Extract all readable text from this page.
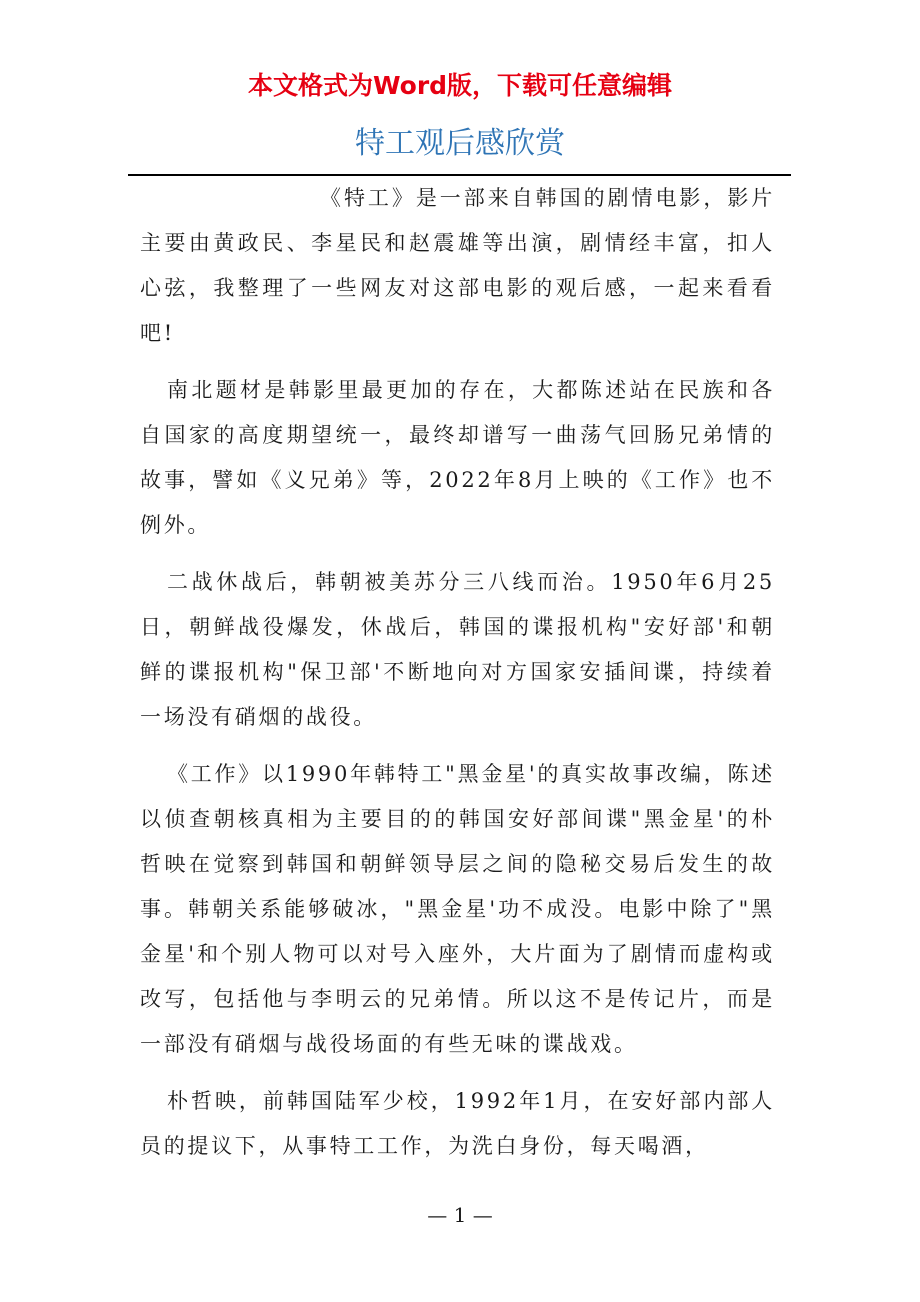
本文格式为Word版，下载可任意编辑
特工观后感欣赏

《特工》是一部来自韩国的剧情电影，影片主要由黄政民、李星民和赵震雄等出演，剧情经丰富，扣人心弦，我整理了一些网友对这部电影的观后感，一起来看看吧!

南北题材是韩影里最更加的存在，大都陈述站在民族和各自国家的高度期望统一，最终却谱写一曲荡气回肠兄弟情的故事，譬如《义兄弟》等，2022年8月上映的《工作》也不例外。

二战休战后，韩朝被美苏分三八线而治。1950年6月25日，朝鲜战役爆发，休战后，韩国的谍报机构"安好部'和朝鲜的谍报机构"保卫部'不断地向对方国家安插间谍，持续着一场没有硝烟的战役。

《工作》以1990年韩特工"黑金星'的真实故事改编，陈述以侦查朝核真相为主要目的的韩国安好部间谍"黑金星'的朴哲映在觉察到韩国和朝鲜领导层之间的隐秘交易后发生的故事。韩朝关系能够破冰，"黑金星'功不成没。电影中除了"黑金星'和个别人物可以对号入座外，大片面为了剧情而虚构或改写，包括他与李明云的兄弟情。所以这不是传记片，而是一部没有硝烟与战役场面的有些无味的谍战戏。

朴哲映，前韩国陆军少校，1992年1月，在安好部内部人员的提议下，从事特工工作，为洗白身份，每天喝酒，

— 1 —
